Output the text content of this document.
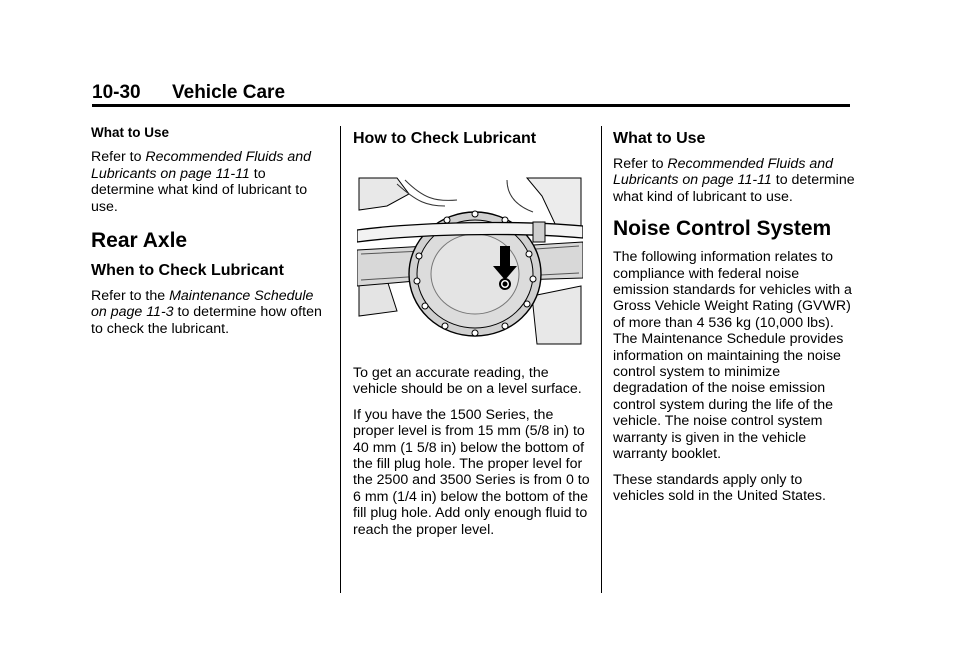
10-30 Vehicle Care

What to Use

Refer to Recommended Fluids and Lubricants on page 11-11 to determine what kind of lubricant to use.

Rear Axle
When to Check Lubricant

Refer to the Maintenance Schedule on page 11-3 to determine how often to check the lubricant.

How to Check Lubricant

To get an accurate reading, the vehicle should be on a level surface.

If you have the 1500 Series, the proper level is from 15 mm (5/8 in) to 40 mm (1 5/8 in) below the bottom of the fill plug hole. The proper level for the 2500 and 3500 Series is from 0 to 6 mm (1/4 in) below the bottom of the fill plug hole. Add only enough fluid to reach the proper level.

What to Use

Refer to Recommended Fluids and Lubricants on page 11-11 to determine what kind of lubricant to use.

Noise Control System

The following information relates to compliance with federal noise emission standards for vehicles with a Gross Vehicle Weight Rating (GVWR) of more than 4 536 kg (10,000 lbs). The Maintenance Schedule provides information on maintaining the noise control system to minimize degradation of the noise emission control system during the life of the vehicle. The noise control system warranty is given in the vehicle warranty booklet.

These standards apply only to vehicles sold in the United States.
